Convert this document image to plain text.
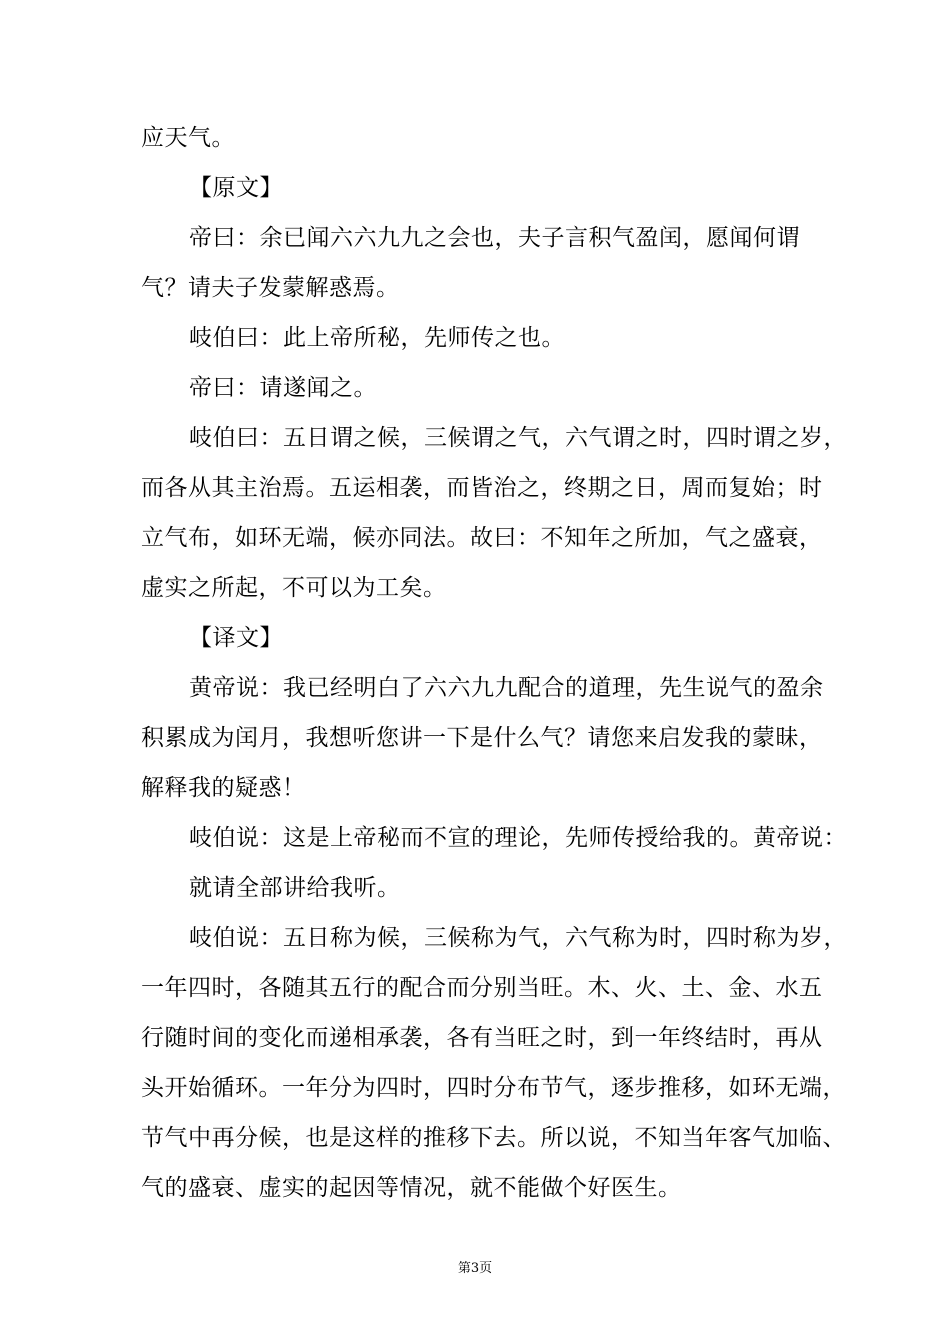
应天气。
【原文】
帝曰：余已闻六六九九之会也，夫子言积气盈闰，愿闻何谓
气？请夫子发蒙解惑焉。
岐伯曰：此上帝所秘，先师传之也。
帝曰：请遂闻之。
岐伯曰：五日谓之候，三候谓之气，六气谓之时，四时谓之岁，
而各从其主治焉。五运相袭，而皆治之，终期之日，周而复始；时
立气布，如环无端，候亦同法。故曰：不知年之所加，气之盛衰，
虚实之所起，不可以为工矣。
【译文】
黄帝说：我已经明白了六六九九配合的道理，先生说气的盈余
积累成为闰月，我想听您讲一下是什么气？请您来启发我的蒙昧，
解释我的疑惑！
岐伯说：这是上帝秘而不宣的理论，先师传授给我的。黄帝说：
就请全部讲给我听。
岐伯说：五日称为候，三候称为气，六气称为时，四时称为岁，
一年四时，各随其五行的配合而分别当旺。木、火、土、金、水五
行随时间的变化而递相承袭，各有当旺之时，到一年终结时，再从
头开始循环。一年分为四时，四时分布节气，逐步推移，如环无端，
节气中再分候，也是这样的推移下去。所以说，不知当年客气加临、
气的盛衰、虚实的起因等情况，就不能做个好医生。
第3页
